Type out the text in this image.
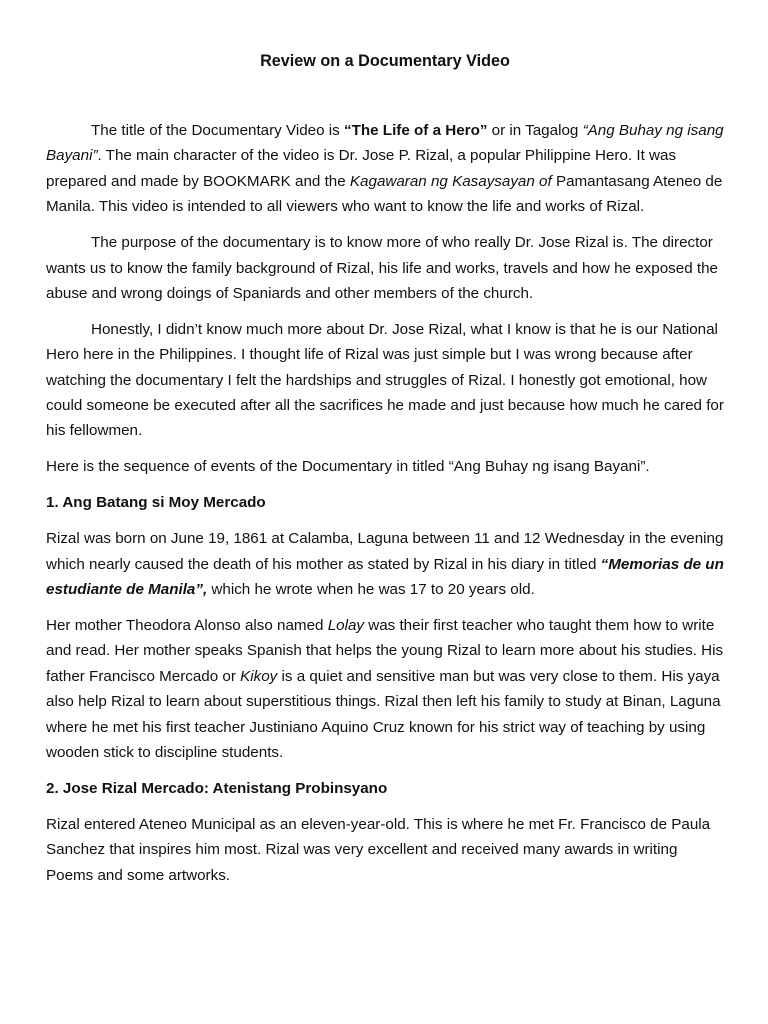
Review on a Documentary Video

The title of the Documentary Video is “The Life of a Hero” or in Tagalog “Ang Buhay ng isang Bayani”. The main character of the video is Dr. Jose P. Rizal, a popular Philippine Hero. It was prepared and made by BOOKMARK and the Kagawaran ng Kasaysayan of Pamantasang Ateneo de Manila. This video is intended to all viewers who want to know the life and works of Rizal.

The purpose of the documentary is to know more of who really Dr. Jose Rizal is. The director wants us to know the family background of Rizal, his life and works, travels and how he exposed the abuse and wrong doings of Spaniards and other members of the church.

Honestly, I didn’t know much more about Dr. Jose Rizal, what I know is that he is our National Hero here in the Philippines. I thought life of Rizal was just simple but I was wrong because after watching the documentary I felt the hardships and struggles of Rizal. I honestly got emotional, how could someone be executed after all the sacrifices he made and just because how much he cared for his fellowmen.

Here is the sequence of events of the Documentary in titled “Ang Buhay ng isang Bayani”.

1. Ang Batang si Moy Mercado

Rizal was born on June 19, 1861 at Calamba, Laguna between 11 and 12 Wednesday in the evening which nearly caused the death of his mother as stated by Rizal in his diary in titled “Memorias de un estudiante de Manila”, which he wrote when he was 17 to 20 years old.

Her mother Theodora Alonso also named Lolay was their first teacher who taught them how to write and read. Her mother speaks Spanish that helps the young Rizal to learn more about his studies. His father Francisco Mercado or Kikoy is a quiet and sensitive man but was very close to them. His yaya also help Rizal to learn about superstitious things. Rizal then left his family to study at Binan, Laguna where he met his first teacher Justiniano Aquino Cruz known for his strict way of teaching by using wooden stick to discipline students.

2. Jose Rizal Mercado: Atenistang Probinsyano

Rizal entered Ateneo Municipal as an eleven-year-old. This is where he met Fr. Francisco de Paula Sanchez that inspires him most. Rizal was very excellent and received many awards in writing Poems and some artworks.
